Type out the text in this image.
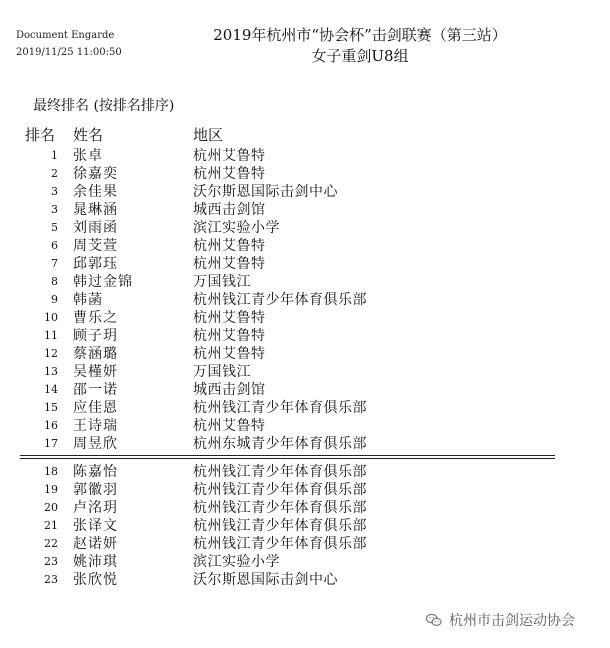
Document Engarde
2019/11/25 11:00:50
2019年杭州市“协会杯”击剑联赛（第三站）
女子重剑U8组
最终排名 (按排名排序)
排名 姓名	地区
1 张卓	杭州艾鲁特
2 徐嘉奕	杭州艾鲁特
3 余佳果	沃尔斯恩国际击剑中心
3 晁琳涵	城西击剑馆
5 刘雨函	滨江实验小学
6 周芠萱	杭州艾鲁特
7 邱郭珏	杭州艾鲁特
8 韩过金锦	万国钱江
9 韩菡	杭州钱江青少年体育俱乐部
10 曹乐之	杭州艾鲁特
11 顾子玥	杭州艾鲁特
12 蔡涵璐	杭州艾鲁特
13 吴槿妍	万国钱江
14 邵一诺	城西击剑馆
15 应佳恩	杭州钱江青少年体育俱乐部
16 王诗瑞	杭州艾鲁特
17 周昱欣	杭州东城青少年体育俱乐部
18 陈嘉怡	杭州钱江青少年体育俱乐部
19 郭徽羽	杭州钱江青少年体育俱乐部
20 卢洺玥	杭州钱江青少年体育俱乐部
21 张译文	杭州钱江青少年体育俱乐部
22 赵诺妍	杭州钱江青少年体育俱乐部
23 姚沛琪	滨江实验小学
23 张欣悦	沃尔斯恩国际击剑中心
杭州市击剑运动协会
